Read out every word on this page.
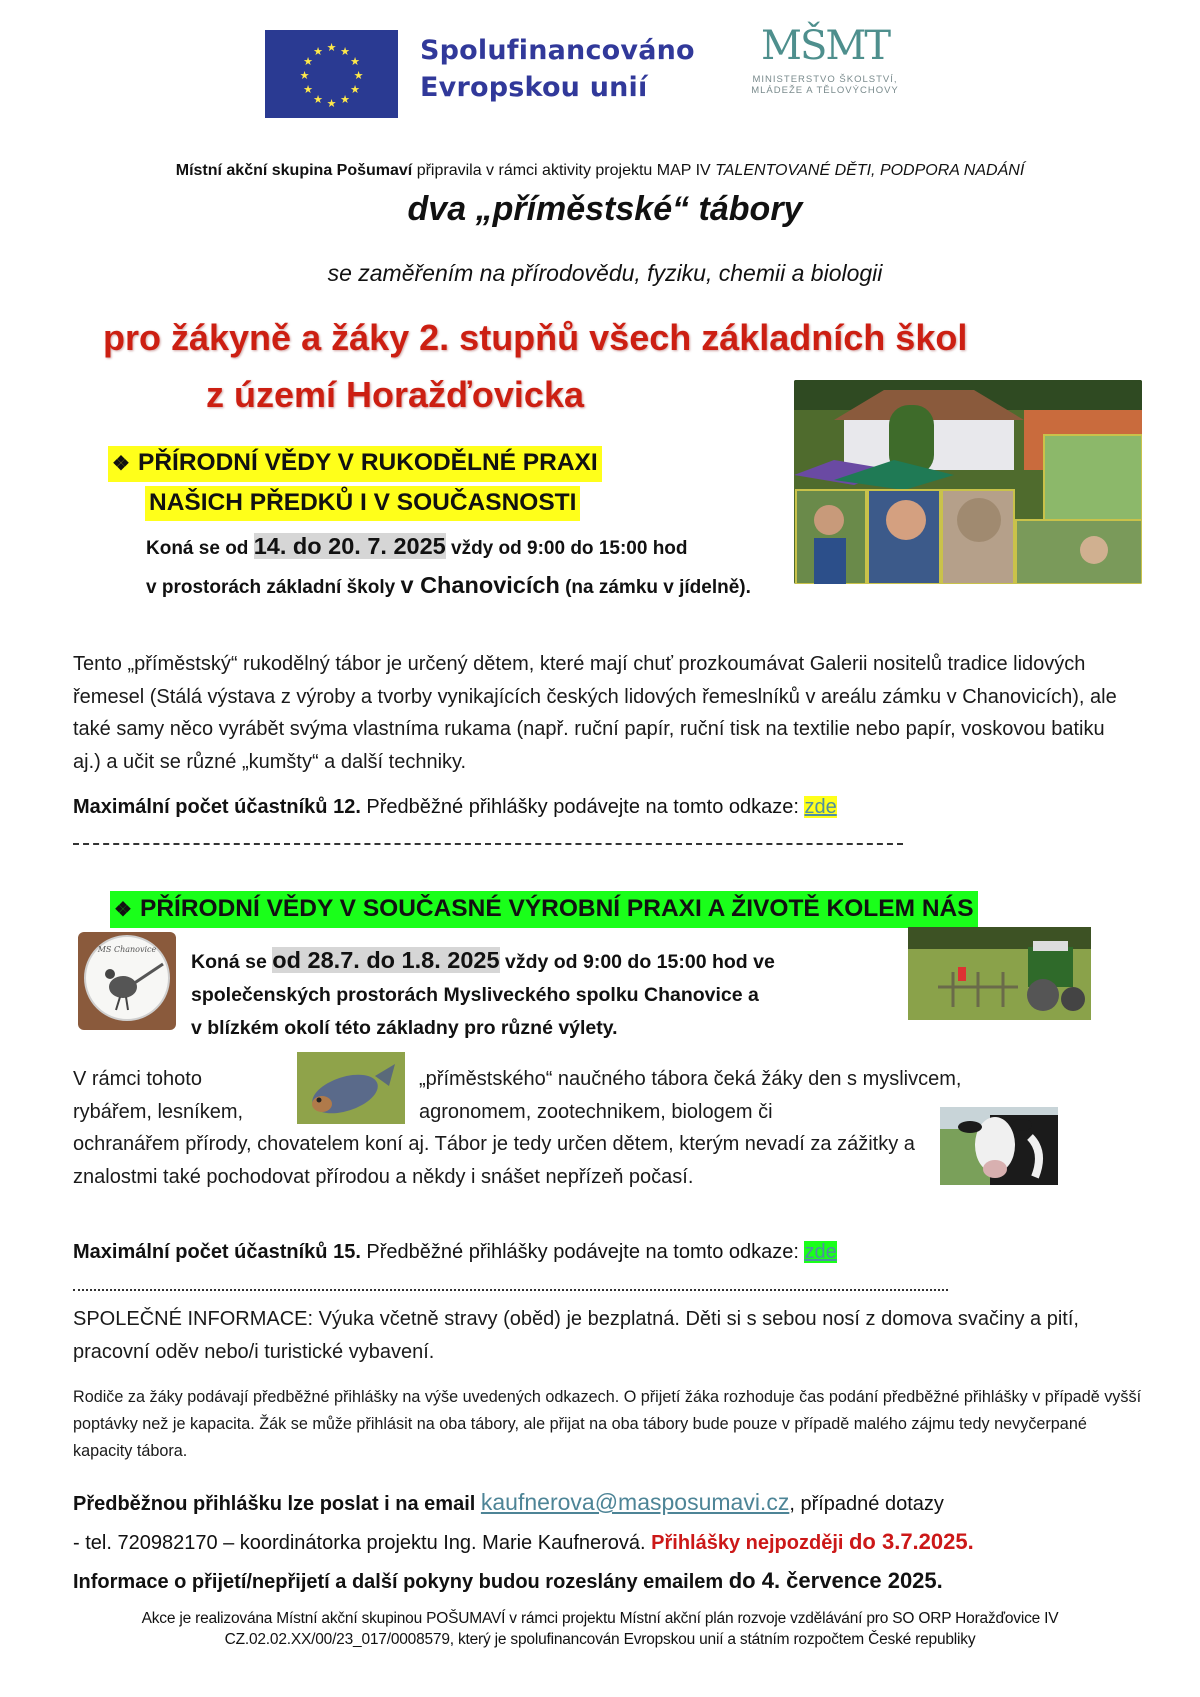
★ ★
★
★
★
★
★
★
★
★
★
★	Spolufinancováno
Evropskou unií
MŠMT
MINISTERSTVO ŠKOLSTVÍ,
MLÁDEŽE A TĚLOVÝCHOVY
Místní akční skupina Pošumaví připravila v rámci aktivity projektu MAP IV TALENTOVANÉ DĚTI, PODPORA NADÁNÍ
dva „příměstské“ tábory
se zaměřením na přírodovědu, fyziku, chemii a biologii
pro žákyně a žáky 2. stupňů všech základních škol
z území Horažďovicka
❖ PŘÍRODNÍ VĚDY V RUKODĚLNÉ PRAXI
NAŠICH PŘEDKŮ I V SOUČASNOSTI
Koná se od 14. do 20. 7. 2025 vždy od 9:00 do 15:00 hod
v prostorách základní školy v Chanovicích (na zámku v jídelně).
Tento „příměstský“ rukodělný tábor je určený dětem, které mají chuť prozkoumávat Galerii nositelů tradice lidových řemesel (Stálá výstava z výroby a tvorby vynikajících českých lidových řemeslníků v areálu zámku v Chanovicích), ale také samy něco vyrábět svýma vlastníma rukama (např. ruční papír, ruční tisk na textilie nebo papír, voskovou batiku aj.) a učit se různé „kumšty“ a další techniky.
Maximální počet účastníků 12. Předběžné přihlášky podávejte na tomto odkaze: zde
❖ PŘÍRODNÍ VĚDY V SOUČASNÉ VÝROBNÍ PRAXI A ŽIVOTĚ KOLEM NÁS
MS Chanovice
Koná se od 28.7. do 1.8. 2025 vždy od 9:00 do 15:00 hod ve
společenských prostorách Mysliveckého spolku Chanovice a
v blízkém okolí této základny pro různé výlety.
V rámci tohoto
rybářem, lesníkem,
„příměstského“ naučného tábora čeká žáky den s myslivcem,
agronomem, zootechnikem, biologem či
ochranářem přírody, chovatelem koní aj. Tábor je tedy určen dětem, kterým nevadí za zážitky a znalostmi také pochodovat přírodou a někdy i snášet nepřízeň počasí.
Maximální počet účastníků 15. Předběžné přihlášky podávejte na tomto odkaze: zde
SPOLEČNÉ INFORMACE: Výuka včetně stravy (oběd) je bezplatná. Děti si s sebou nosí z domova svačiny a pití, pracovní oděv nebo/i turistické vybavení.
Rodiče za žáky podávají předběžné přihlášky na výše uvedených odkazech. O přijetí žáka rozhoduje čas podání předběžné přihlášky v případě vyšší poptávky než je kapacita. Žák se může přihlásit na oba tábory, ale přijat na oba tábory bude pouze v případě malého zájmu tedy nevyčerpané kapacity tábora.
Předběžnou přihlášku lze poslat i na email kaufnerova@masposumavi.cz, případné dotazy
- tel. 720982170 – koordinátorka projektu Ing. Marie Kaufnerová. Přihlášky nejpozději do 3.7.2025.
Informace o přijetí/nepřijetí a další pokyny budou rozeslány emailem do 4. července 2025.
Akce je realizována Místní akční skupinou POŠUMAVÍ v rámci projektu Místní akční plán rozvoje vzdělávání pro SO ORP Horažďovice IV
CZ.02.02.XX/00/23_017/0008579, který je spolufinancován Evropskou unií a státním rozpočtem České republiky
